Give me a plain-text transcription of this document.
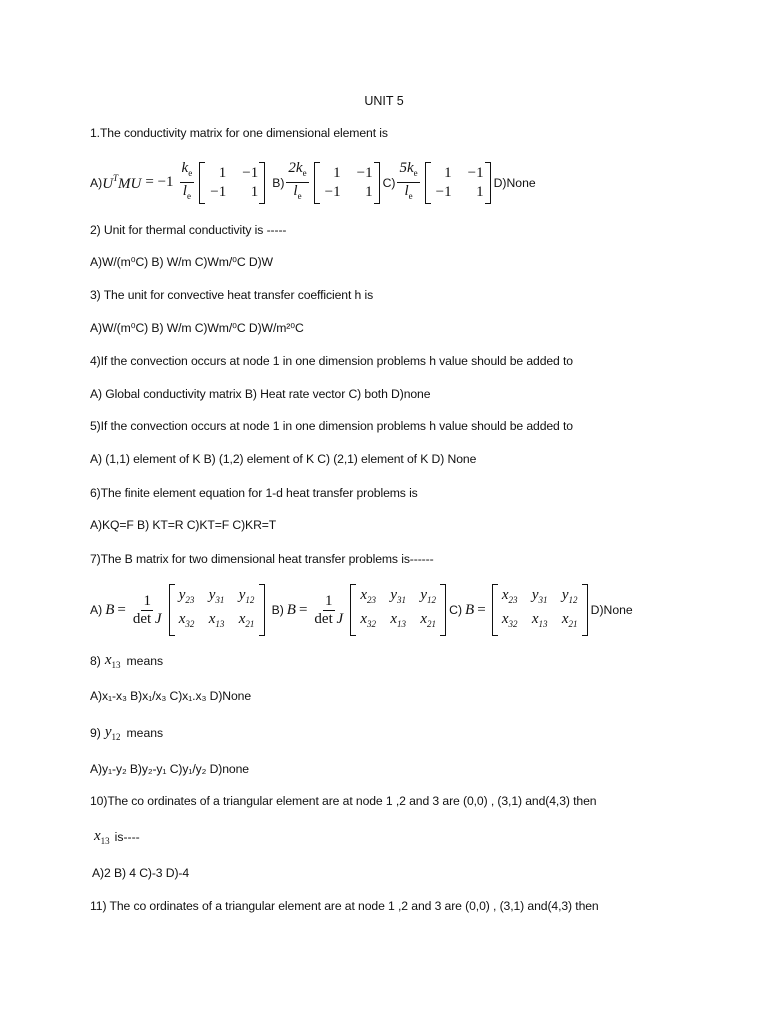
UNIT 5
1.The conductivity matrix for one dimensional element is
A) $U^TMU = -1 \frac{k_e}{l_e}$	1 −1
−1	1
$B) \frac{2k_e}{l_e}$	1 −1
−1	1
$C) \frac{5k_e}{l_e}$	1 −1
−1	1
D)None
2) Unit for thermal conductivity is -----
A)W/(m⁰C) B) W/m C)Wm/⁰C D)W
3) The unit for convective heat transfer coefficient h is
A)W/(m⁰C) B) W/m C)Wm/⁰C D)W/m²⁰C
4)If the convection occurs at node 1 in one dimension problems h value should be added to
A) Global conductivity matrix B) Heat rate vector C) both D)none
5)If the convection occurs at node 1 in one dimension problems h value should be added to
A) (1,1) element of K B) (1,2) element of K C) (2,1) element of K D) None
6)The finite element equation for 1-d heat transfer problems is
A)KQ=F B) KT=R C)KT=F C)KR=T
7)The B matrix for two dimensional heat transfer problems is------
A) $B = \frac{1}{\text{det J}} y_{23}$ $y_{31}$ $y_{12}$
$x_{32}$ $x_{13}$ $x_{21}$
B) $B = \frac{1}{\text{det J}} x_{23}$ $y_{31}$ $y_{12}$
$x_{32}$ $x_{13}$ $x_{21}$
C) B =
$x_{23}$ $y_{31}$ $y_{12}$
$x_{32}$ $x_{13}$ $x_{21}$
D)None
8) $x_{13}$ means
A)x₁-x₃ B)x₁/x₃ C)x₁.x₃ D)None
9) $y_{12}$ means
A)y₁-y₂ B)y₂-y₁ C)y₁/y₂ D)none
10)The co ordinates of a triangular element are at node 1 ,2 and 3 are (0,0) , (3,1) and(4,3) then
$x_{13}$ is----
A)2 B) 4 C)-3 D)-4
11) The co ordinates of a triangular element are at node 1 ,2 and 3 are (0,0) , (3,1) and(4,3) then
